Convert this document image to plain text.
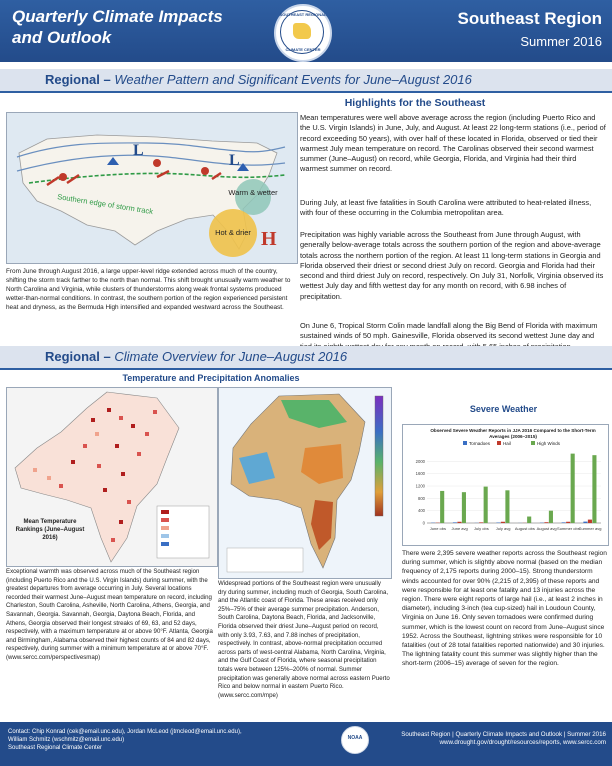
Quarterly Climate Impacts
and Outlook
SOUTHEAST REGIONAL
CLIMATE CENTER
Southeast Region
Summer 2016
Regional – Weather Pattern and Significant Events for June–August 2016
Highlights for the Southeast
L
L
Southern edge of storm track	Warm & wetter
Hot & drier H
From June through August 2016, a large upper-level ridge extended across much of the country, shifting the storm track farther to the north than normal. This shift brought unusually warm weather to North Carolina and Virginia, while clusters of thunderstorms along weak frontal systems produced wetter-than-normal conditions. In contrast, the southern portion of the region experienced persistent heat and dryness, as the Bermuda High intensified and expanded westward across the Southeast.
Mean temperatures were well above average across the region (including Puerto Rico and the U.S. Virgin Islands) in June, July, and August. At least 22 long-term stations (i.e., period of record exceeding 50 years), with over half of these located in Florida, observed or tied their warmest July mean temperature on record. The Carolinas observed their second warmest summer (June–August) on record, while Georgia, Florida, and Virginia had their third warmest summer on record.
During July, at least five fatalities in South Carolina were attributed to heat-related illness, with four of these occurring in the Columbia metropolitan area.
Precipitation was highly variable across the Southeast from June through August, with generally below-average totals across the southern portion of the region and above-average totals across the northern portion of the region. At least 11 long-term stations in Georgia and Florida observed their driest or second driest July on record. Georgia and Florida had their second and third driest July on record, respectively. On July 31, Norfolk, Virginia observed its wettest July day and fifth wettest day for any month on record, with 6.98 inches of precipitation.
On June 6, Tropical Storm Colin made landfall along the Big Bend of Florida with maximum sustained winds of 50 mph. Gainesville, Florida observed its second wettest June day and
Regional – Climate Overview for June–August 2016
Temperature and Precipitation Anomalies
Mean Temperature Rankings (June–August 2016)
Exceptional warmth was observed across much of the Southeast region (including Puerto Rico and the U.S. Virgin Islands) during summer, with the greatest departures from average occurring in July. Several locations recorded their warmest June–August mean temperature on record, including Charleston, South Carolina, Asheville, North Carolina, Athens, Georgia, and Savannah, Georgia. Savannah, Georgia, Daytona Beach, Florida, and Athens, Georgia observed their longest streaks of 69, 63, and 52 days, respectively, with a maximum temperature at or above 90°F. Atlanta, Georgia and Birmingham, Alabama observed their highest counts of 84 and 82 days, respectively, during summer with a minimum temperature at or above 70°F. (www.sercc.com/perspectivesmap)
Widespread portions of the Southeast region were unusually dry during summer, including much of Georgia, South Carolina, and the Atlantic coast of Florida. These areas received only 25%–75% of their average summer precipitation. Anderson, South Carolina, Daytona Beach, Florida, and Jacksonville, Florida observed their driest June–August period on record, with only 3.93, 7.63, and 7.88 inches of precipitation, respectively. In contrast, above-normal precipitation occurred across parts of west-central Alabama, North Carolina, Virginia, and the Gulf Coast of Florida, where seasonal precipitation totals were between 125%–200% of normal. Summer precipitation was generally above normal across eastern Puerto Rico and below normal in eastern Puerto Rico. (www.sercc.com/mpe)
Severe Weather
Observed Severe Weather Reports in JJA 2016 Compared to the Short-Term Averages (2006–2015)
Tornadoes	Hail	High Winds
0
400
800
1200
1600
2000
June obs June avg July obs July avg August obs August avg Summer obs Summer avg
There were 2,395 severe weather reports across the Southeast region during summer, which is slightly above normal (based on the median frequency of 2,175 reports during 2000–15). Strong thunderstorm winds accounted for over 90% (2,215 of 2,395) of these reports and were responsible for at least one fatality and 13 injuries across the region. There were eight reports of large hail (i.e., at least 2 inches in diameter), including 3-inch (tea cup-sized) hail in Loudoun County, Virginia on June 16. Only seven tornadoes were confirmed during summer, which is the lowest count on record from June–August since 1952. Across the Southeast, lightning strikes were responsible for 10 fatalities (out of 28 total fatalities reported nationwide) and 30 injuries. The lightning fatality count this summer was slightly higher than the short-term (2006–15) average of seven for the region.
Contact: Chip Konrad (cek@email.unc.edu), Jordan McLeod (jtmcleod@email.unc.edu),
William Schmitz (wschmitz@email.unc.edu)
Southeast Regional Climate Center
NOAA	Southeast Region | Quarterly Climate Impacts and Outlook | Summer 2016
www.drought.gov/drought/resources/reports, www.sercc.com
